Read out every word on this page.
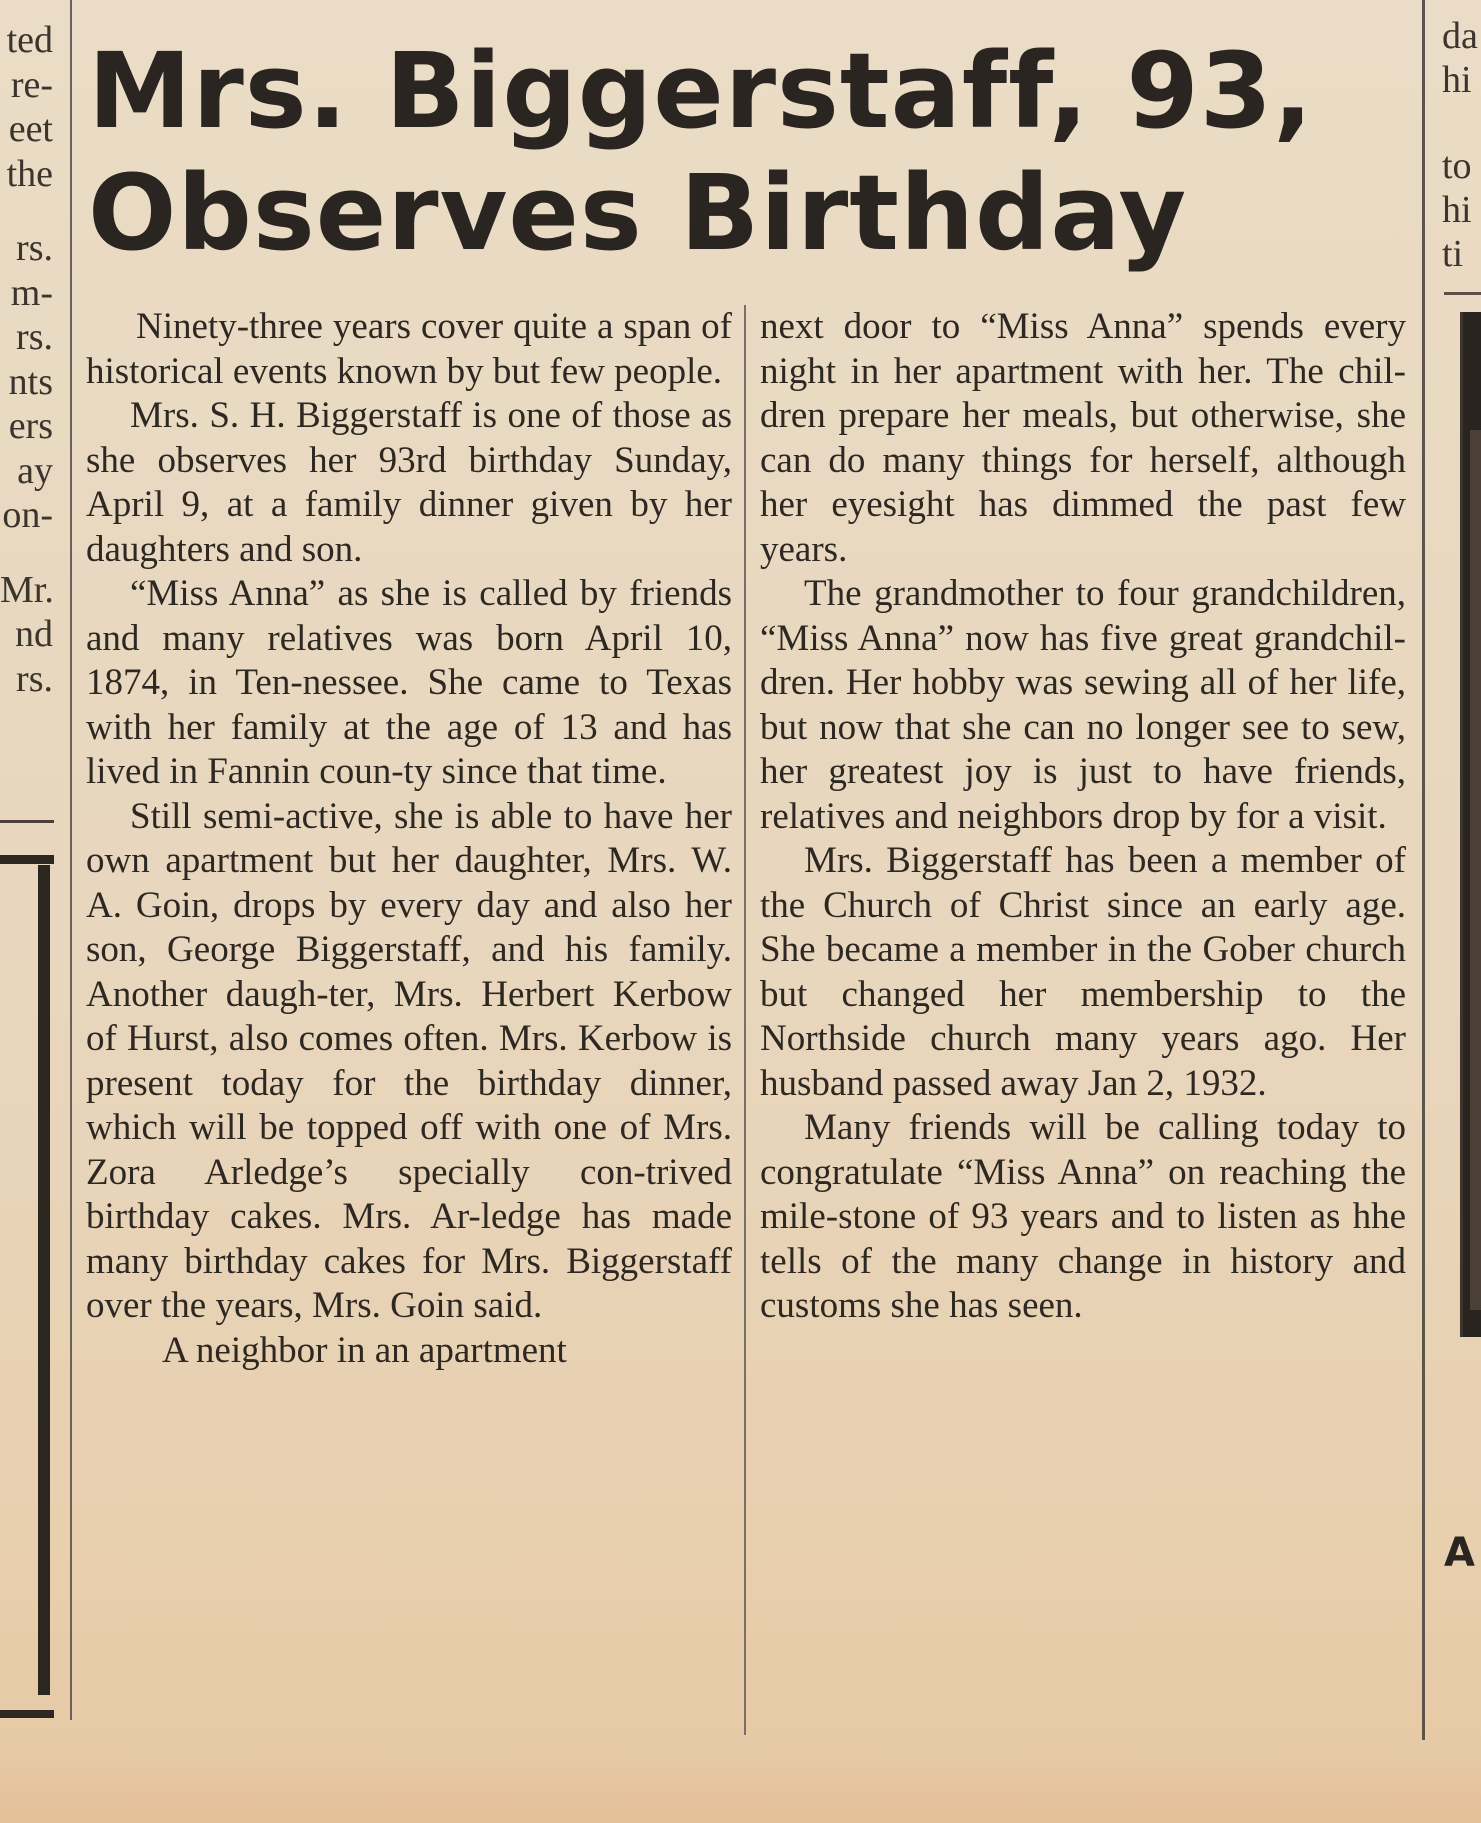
ted
re-
eet
the
rs.
m-
rs.
nts
ers
ay
on-
Mr.
nd
rs.
Mrs. Biggerstaff, 93,
Observes Birthday

Ninety-three years cover quite a span of historical events known by but few people.

Mrs. S. H. Biggerstaff is one of those as she observes her 93rd birthday Sunday, April 9, at a family dinner given by her daughters and son.

“Miss Anna” as she is called by friends and many relatives was born April 10, 1874, in Ten-nessee. She came to Texas with her family at the age of 13 and has lived in Fannin coun-ty since that time.

Still semi-active, she is able to have her own apartment but her daughter, Mrs. W. A. Goin, drops by every day and also her son, George Biggerstaff, and his family. Another daugh-ter, Mrs. Herbert Kerbow of Hurst, also comes often. Mrs. Kerbow is present today for the birthday dinner, which will be topped off with one of Mrs. Zora Arledge’s specially con-trived birthday cakes. Mrs. Ar-ledge has made many birthday cakes for Mrs. Biggerstaff over the years, Mrs. Goin said.

A neighbor in an apartment

next door to “Miss Anna” spends every night in her apartment with her. The chil-dren prepare her meals, but otherwise, she can do many things for herself, although her eyesight has dimmed the past few years.

The grandmother to four grandchildren, “Miss Anna” now has five great grandchil-dren. Her hobby was sewing all of her life, but now that she can no longer see to sew, her greatest joy is just to have friends, relatives and neighbors drop by for a visit.

Mrs. Biggerstaff has been a member of the Church of Christ since an early age. She became a member in the Gober church but changed her membership to the Northside church many years ago. Her husband passed away Jan 2, 1932.

Many friends will be calling today to congratulate “Miss Anna” on reaching the mile-stone of 93 years and to listen as hhe tells of the many change in history and customs she has seen.

da
hi
to
hi
ti
A
